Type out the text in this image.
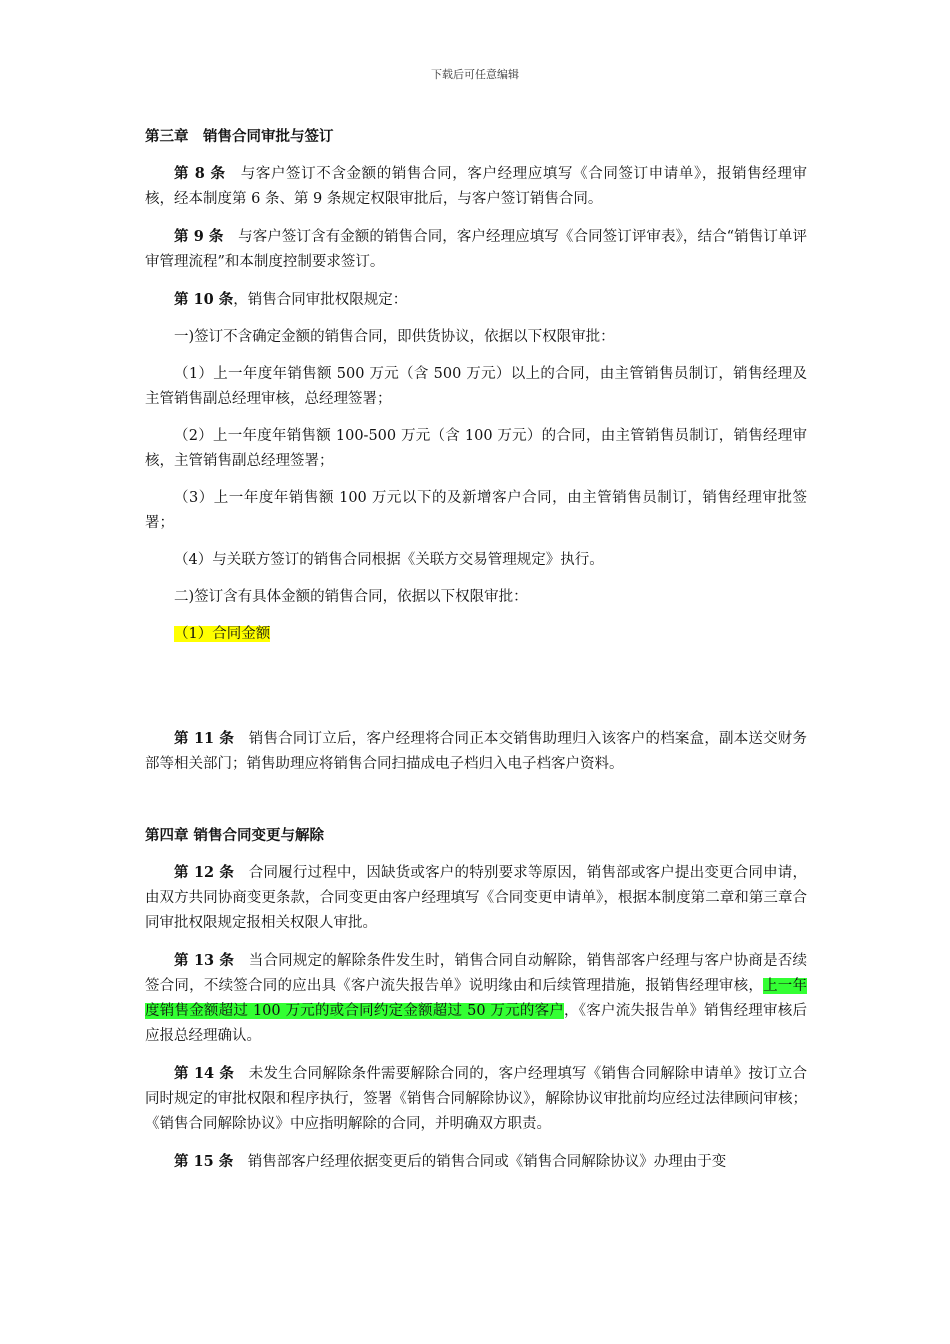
下载后可任意编辑

第三章　销售合同审批与签订

第 8 条　与客户签订不含金额的销售合同，客户经理应填写《合同签订申请单》，报销售经理审核，经本制度第 6 条、第 9 条规定权限审批后，与客户签订销售合同。

第 9 条　与客户签订含有金额的销售合同，客户经理应填写《合同签订评审表》，结合“销售订单评审管理流程”和本制度控制要求签订。

第 10 条，销售合同审批权限规定：

一)签订不含确定金额的销售合同，即供货协议，依据以下权限审批：

（1）上一年度年销售额 500 万元（含 500 万元）以上的合同，由主管销售员制订，销售经理及主管销售副总经理审核，总经理签署；

（2）上一年度年销售额 100-500 万元（含 100 万元）的合同，由主管销售员制订，销售经理审核，主管销售副总经理签署；

（3）上一年度年销售额 100 万元以下的及新增客户合同，由主管销售员制订，销售经理审批签署；

（4）与关联方签订的销售合同根据《关联方交易管理规定》执行。

二)签订含有具体金额的销售合同，依据以下权限审批：

（1）合同金额

第 11 条　销售合同订立后，客户经理将合同正本交销售助理归入该客户的档案盒，副本送交财务部等相关部门；销售助理应将销售合同扫描成电子档归入电子档客户资料。

第四章 销售合同变更与解除

第 12 条　合同履行过程中，因缺货或客户的特别要求等原因，销售部或客户提出变更合同申请，由双方共同协商变更条款，合同变更由客户经理填写《合同变更申请单》，根据本制度第二章和第三章合同审批权限规定报相关权限人审批。

第 13 条　当合同规定的解除条件发生时，销售合同自动解除，销售部客户经理与客户协商是否续签合同，不续签合同的应出具《客户流失报告单》说明缘由和后续管理措施，报销售经理审核，上一年度销售金额超过 100 万元的或合同约定金额超过 50 万元的客户，《客户流失报告单》销售经理审核后应报总经理确认。

第 14 条　未发生合同解除条件需要解除合同的，客户经理填写《销售合同解除申请单》按订立合同时规定的审批权限和程序执行，签署《销售合同解除协议》，解除协议审批前均应经过法律顾问审核；《销售合同解除协议》中应指明解除的合同，并明确双方职责。

第 15 条　销售部客户经理依据变更后的销售合同或《销售合同解除协议》办理由于变
